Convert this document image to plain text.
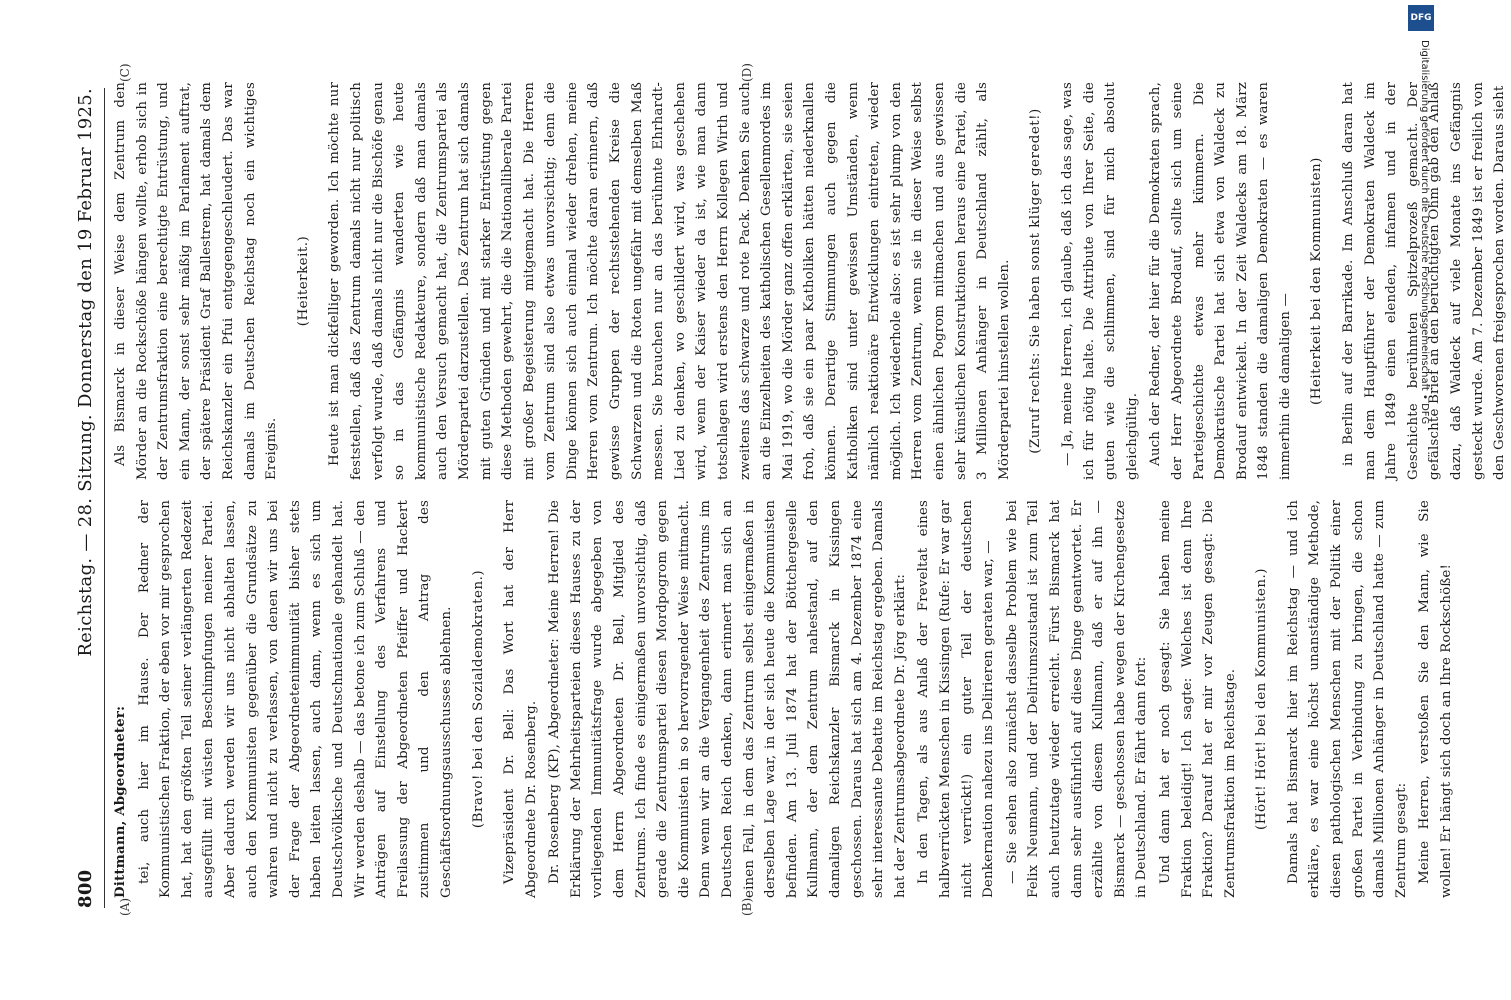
800
Reichstag. — 28. Sitzung. Donnerstag den 19 Februar 1925.
(A)	(B)
(C)	(D)

Dittmann, Abgeordneter: tei, auch hier im Hause. Der Redner der Kommunistischen Fraktion, der eben vor mir gesprochen hat, hat den größten Teil seiner verlängerten Redezeit ausgefüllt mit wüsten Beschimpfungen meiner Partei. Aber dadurch werden wir uns nicht abhalten lassen, auch den Kommunisten gegenüber die Grundsätze zu wahren und nicht zu verlassen, von denen wir uns bei der Frage der Abgeordnetenimmunität bisher stets haben leiten lassen, auch dann, wenn es sich um Deutschvölkische und Deutschnationale gehandelt hat. Wir werden deshalb — das betone ich zum Schluß — den Anträgen auf Einstellung des Verfahrens und Freilassung der Abgeordneten Pfeiffer und Hackert zustimmen und den Antrag des Geschäftsordnungsausschusses ablehnen. (Bravo! bei den Sozialdemokraten.) Vizepräsident Dr. Bell: Das Wort hat der Herr Abgeordnete Dr. Rosenberg. Dr. Rosenberg (KP), Abgeordneter: Meine Herren! Die Erklärung der Mehrheitsparteien dieses Hauses zu der vorliegenden Immunitätsfrage wurde abgegeben von dem Herrn Abgeordneten Dr. Bell, Mitglied des Zentrums. Ich finde es einigermaßen unvorsichtig, daß gerade die Zentrumspartei diesen Mordpogrom gegen die Kommunisten in so hervorragender Weise mitmacht. Denn wenn wir an die Vergangenheit des Zentrums im Deutschen Reich denken, dann erinnert man sich an einen Fall, in dem das Zentrum selbst einigermaßen in derselben Lage war, in der sich heute die Kommunisten befinden. Am 13. Juli 1874 hat der Böttchergeselle Kullmann, der dem Zentrum nahestand, auf den damaligen Reichskanzler Bismarck in Kissingen geschossen. Daraus hat sich am 4. Dezember 1874 eine sehr interessante Debatte im Reichstag ergeben. Damals hat der Zentrumsabgeordnete Dr. Jörg erklärt: In den Tagen, als aus Anlaß der Freveltat eines halbverrückten Menschen in Kissingen (Rufe: Er war gar nicht verrückt!) ein guter Teil der deutschen Denkernation nahezu ins Delirieren geraten war, — — Sie sehen also zunächst dasselbe Problem wie bei Felix Neumann, und der Deliriumszustand ist zum Teil auch heutzutage wieder erreicht. Fürst Bismarck hat dann sehr ausführlich auf diese Dinge geantwortet. Er erzählte von diesem Kullmann, daß er auf ihn — Bismarck — geschossen habe wegen der Kirchengesetze in Deutschland. Er fährt dann fort: Und dann hat er noch gesagt: Sie haben meine Fraktion beleidigt! Ich sagte: Welches ist denn Ihre Fraktion? Darauf hat er mir vor Zeugen gesagt: Die Zentrumsfraktion im Reichstage. (Hört! Hört! bei den Kommunisten.) Damals hat Bismarck hier im Reichstag — und ich erkläre, es war eine höchst unanständige Methode, diesen pathologischen Menschen mit der Politik einer großen Partei in Verbindung zu bringen, die schon damals Millionen Anhänger in Deutschland hatte — zum Zentrum gesagt: Meine Herren, verstoßen Sie den Mann, wie Sie wollen! Er hängt sich doch an Ihre Rockschöße!

Als Bismarck in dieser Weise dem Zentrum den Mörder an die Rockschöße hängen wollte, erhob sich in der Zentrumsfraktion eine berechtigte Entrüstung, und ein Mann, der sonst sehr mäßig im Parlament auftrat, der spätere Präsident Graf Ballestrem, hat damals dem Reichskanzler ein Pfui entgegengeschleudert. Das war damals im Deutschen Reichstag noch ein wichtiges Ereignis.

(Heiterkeit.) Heute ist man dickfelliger geworden. Ich möchte nur feststellen, daß das Zentrum damals nicht nur politisch verfolgt wurde, daß damals nicht nur die Bischöfe genau so in das Gefängnis wanderten wie heute kommunistische Redakteure, sondern daß man damals auch den Versuch gemacht hat, die Zentrumspartei als Mörderpartei darzustellen. Das Zentrum hat sich damals mit guten Gründen und mit starker Entrüstung gegen diese Methoden gewehrt, die die Nationalliberale Partei mit großer Begeisterung mitgemacht hat. Die Herren vom Zentrum sind also etwas unvorsichtig; denn die Dinge können sich auch einmal wieder drehen, meine Herren vom Zentrum. Ich möchte daran erinnern, daß gewisse Gruppen der rechtsstehenden Kreise die Schwarzen und die Roten ungefähr mit demselben Maß messen. Sie brauchen nur an das berühmte Ehrhardt-Lied zu denken, wo geschildert wird, was geschehen wird, wenn der Kaiser wieder da ist, wie man dann totschlagen wird erstens den Herrn Kollegen Wirth und zweitens das schwarze und rote Pack. Denken Sie auch an die Einzelheiten des katholischen Gesellenmordes im Mai 1919, wo die Mörder ganz offen erklärten, sie seien froh, daß sie ein paar Katholiken hätten niederknallen können. Derartige Stimmungen auch gegen die Katholiken sind unter gewissen Umständen, wenn nämlich reaktionäre Entwicklungen eintreten, wieder möglich. Ich wiederhole also: es ist sehr plump von den Herren vom Zentrum, wenn sie in dieser Weise selbst einen ähnlichen Pogrom mitmachen und aus gewissen sehr künstlichen Konstruktionen heraus eine Partei, die 3 Millionen Anhänger in Deutschland zählt, als Mörderpartei hinstellen wollen. (Zuruf rechts: Sie haben sonst klüger geredet!) — Ja, meine Herren, ich glaube, daß ich das sage, was ich für nötig halte. Die Attribute von Ihrer Seite, die guten wie die schlimmen, sind für mich absolut gleichgültig. Auch der Redner, der hier für die Demokraten sprach, der Herr Abgeordnete Brodauf, sollte sich um seine Parteigeschichte etwas mehr kümmern. Die Demokratische Partei hat sich etwa von Waldeck zu Brodauf entwickelt. In der Zeit Waldecks am 18. März 1848 standen die damaligen Demokraten — es waren immerhin die damaligen — (Heiterkeit bei den Kommunisten) in Berlin auf der Barrikade. Im Anschluß daran hat man dem Hauptführer der Demokraten Waldeck im Jahre 1849 einen elenden, infamen und in der Geschichte berühmten Spitzelprozeß gemacht. Der gefälschte Brief an den berüchtigten Ohm gab den Anlaß dazu, daß Waldeck auf viele Monate ins Gefängnis gesteckt wurde. Am 7. Dezember 1849 ist er freilich von den Geschworenen freigesprochen worden. Daraus sieht

DFG
Digitalisierung gefördert durch die Deutsche Forschungsgemeinschaft • DFG
